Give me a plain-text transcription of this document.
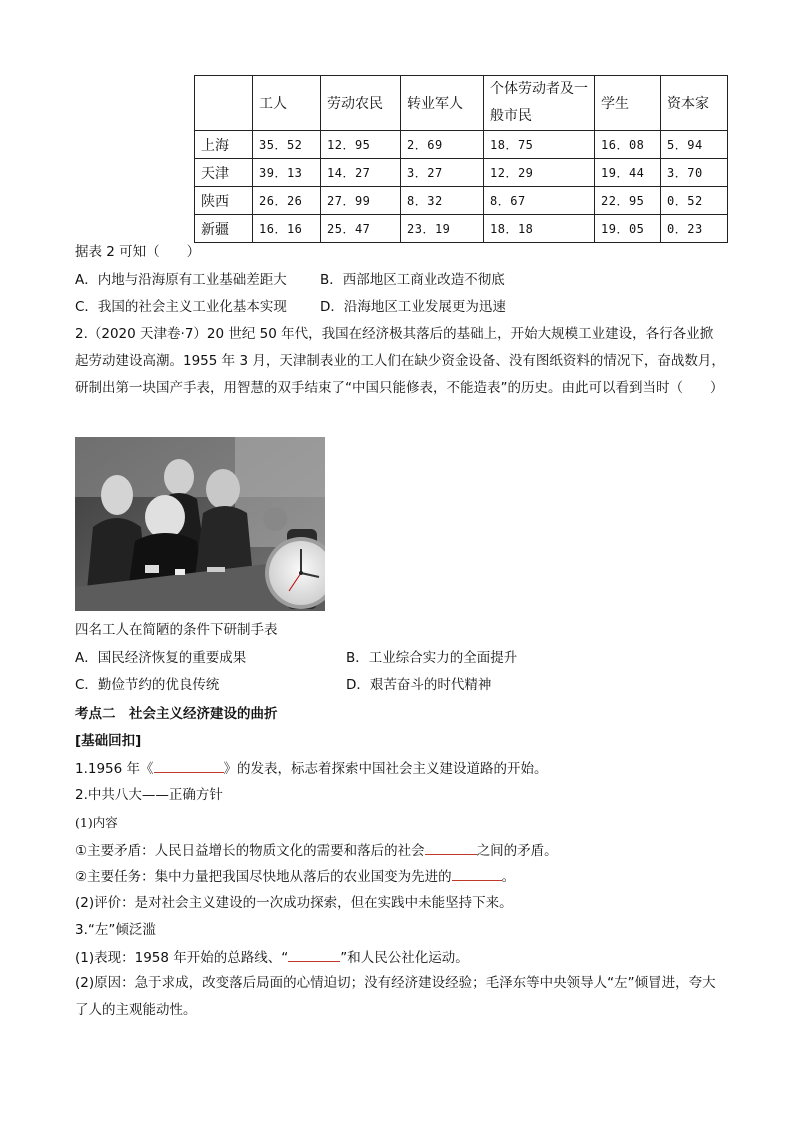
	工人	劳动农民	转业军人	个体劳动者及一般市民	学生	资本家
上海	35．52	12．95	2．69	18．75	16．08	5．94
天津	39．13	14．27	3．27	12．29	19．44	3．70
陕西	26．26	27．99	8．32	8．67	22．95	0．52
新疆	16．16	25．47	23．19	18．18	19．05	0．23
据表 2 可知（　　）
A．内地与沿海原有工业基础差距大 B．西部地区工商业改造不彻底
C．我国的社会主义工业化基本实现 D．沿海地区工业发展更为迅速
2.（2020 天津卷·7）20 世纪 50 年代，我国在经济极其落后的基础上，开始大规模工业建设，各行各业掀起劳动建设高潮。1955 年 3 月，天津制表业的工人们在缺少资金设备、没有图纸资料的情况下，奋战数月，研制出第一块国产手表，用智慧的双手结束了“中国只能修表，不能造表”的历史。由此可以看到当时（　　）
四名工人在简陋的条件下研制手表
A．国民经济恢复的重要成果	B．工业综合实力的全面提升
C．勤俭节约的优良传统	D．艰苦奋斗的时代精神
考点二　社会主义经济建设的曲折
[基础回扣]
1.1956 年《	》的发表，标志着探索中国社会主义建设道路的开始。
2.中共八大——正确方针
(1)内容
①主要矛盾：人民日益增长的物质文化的需要和落后的社会	之间的矛盾。
②主要任务：集中力量把我国尽快地从落后的农业国变为先进的	。
(2)评价：是对社会主义建设的一次成功探索，但在实践中未能坚持下来。
3.“左”倾泛滥
(1)表现：1958 年开始的总路线、“	”和人民公社化运动。
(2)原因：急于求成，改变落后局面的心情迫切；没有经济建设经验；毛泽东等中央领导人“左”倾冒进，夸大了人的主观能动性。
